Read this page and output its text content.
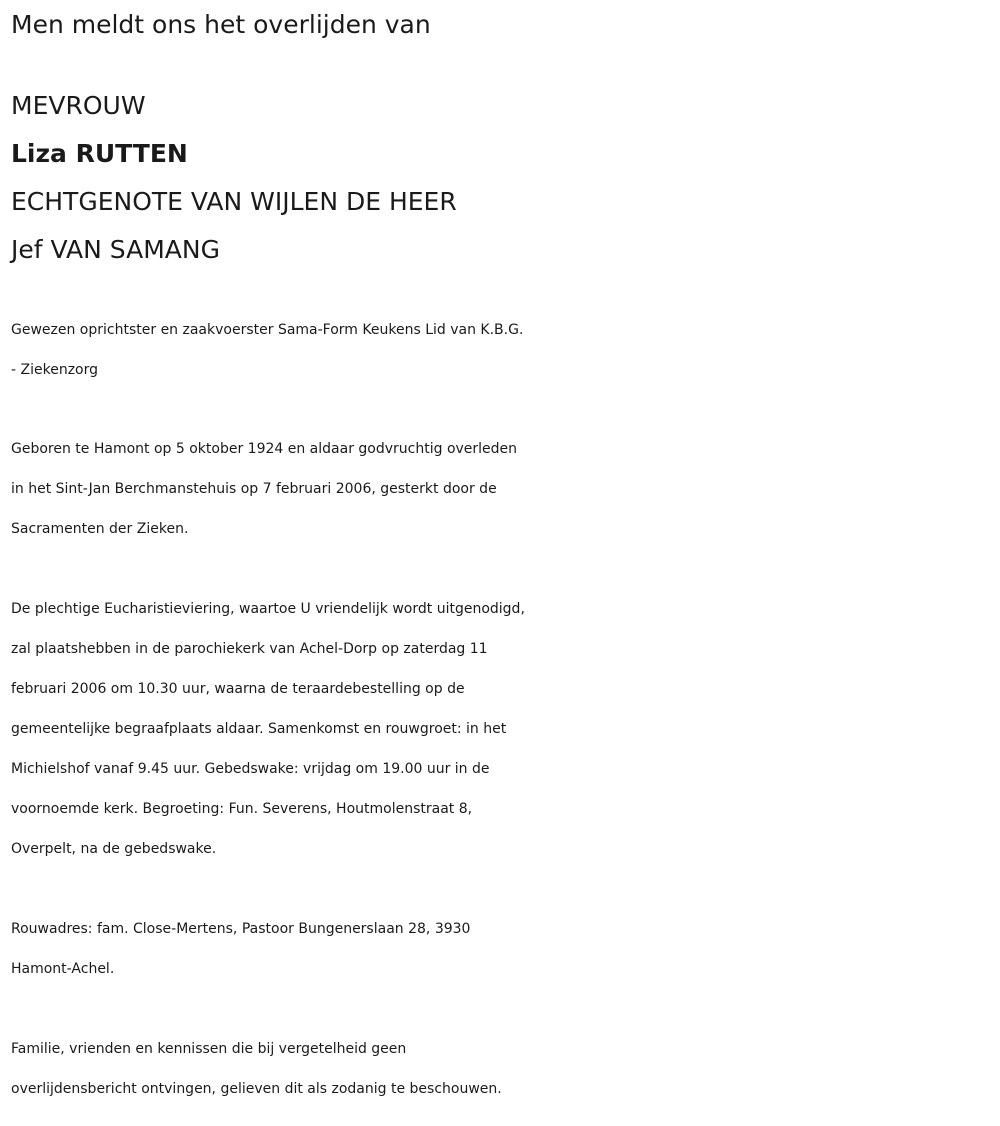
Men meldt ons het overlijden van
MEVROUW
Liza RUTTEN
ECHTGENOTE VAN WIJLEN DE HEER
Jef VAN SAMANG
Gewezen oprichtster en zaakvoerster Sama-Form Keukens Lid van K.B.G.
- Ziekenzorg
Geboren te Hamont op 5 oktober 1924 en aldaar godvruchtig overleden
in het Sint-Jan Berchmanstehuis op 7 februari 2006, gesterkt door de
Sacramenten der Zieken.
De plechtige Eucharistieviering, waartoe U vriendelijk wordt uitgenodigd,
zal plaatshebben in de parochiekerk van Achel-Dorp op zaterdag 11
februari 2006 om 10.30 uur, waarna de teraardebestelling op de
gemeentelijke begraafplaats aldaar. Samenkomst en rouwgroet: in het
Michielshof vanaf 9.45 uur. Gebedswake: vrijdag om 19.00 uur in de
voornoemde kerk. Begroeting: Fun. Severens, Houtmolenstraat 8,
Overpelt, na de gebedswake.
Rouwadres: fam. Close-Mertens, Pastoor Bungenerslaan 28, 3930
Hamont-Achel.
Familie, vrienden en kennissen die bij vergetelheid geen
overlijdensbericht ontvingen, gelieven dit als zodanig te beschouwen.
